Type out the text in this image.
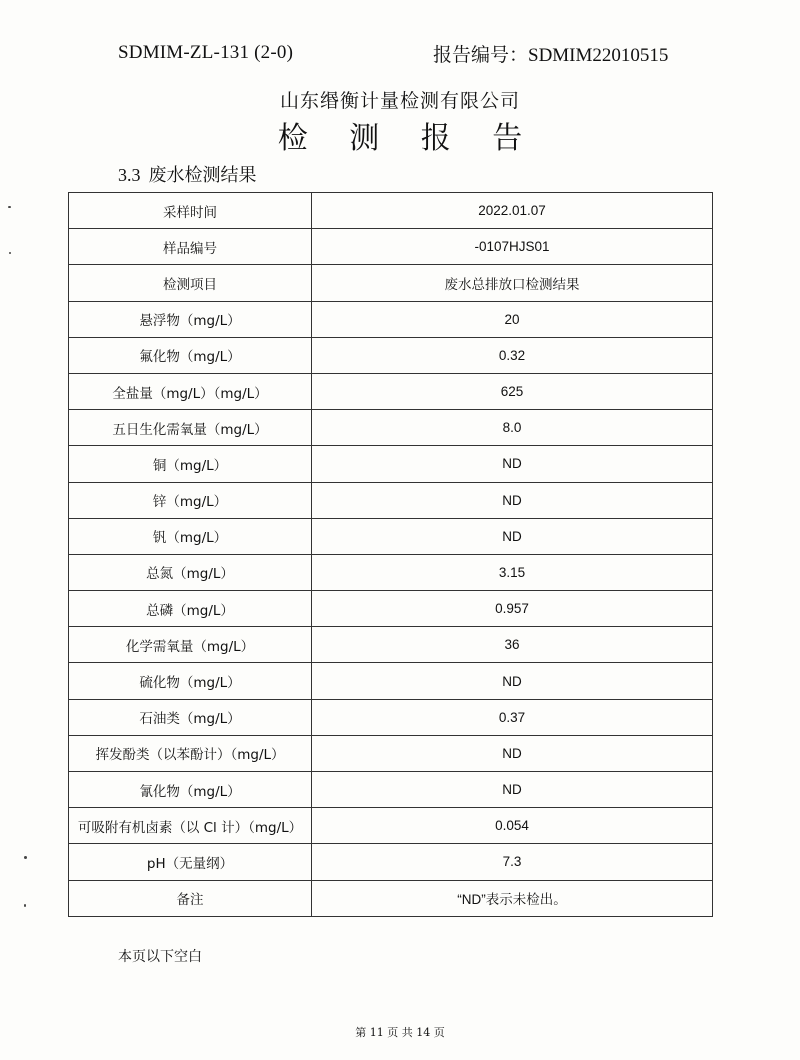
SDMIM-ZL-131 (2-0)	报告编号：SDMIM22010515
山东缗衡计量检测有限公司
检 测 报 告
3.3 废水检测结果
采样时间	2022.01.07
样品编号	-0107HJS01
检测项目	废水总排放口检测结果
悬浮物（mg/L）	20
氟化物（mg/L）	0.32
全盐量（mg/L）（mg/L）	625
五日生化需氧量（mg/L）	8.0
铜（mg/L）	ND
锌（mg/L）	ND
钒（mg/L）	ND
总氮（mg/L）	3.15
总磷（mg/L）	0.957
化学需氧量（mg/L）	36
硫化物（mg/L）	ND
石油类（mg/L）	0.37
挥发酚类（以苯酚计）（mg/L）	ND
氰化物（mg/L）	ND
可吸附有机卤素（以 Cl 计）（mg/L）	0.054
pH（无量纲）	7.3
备注	“ND”表示未检出。
本页以下空白
第 11 页 共 14 页
